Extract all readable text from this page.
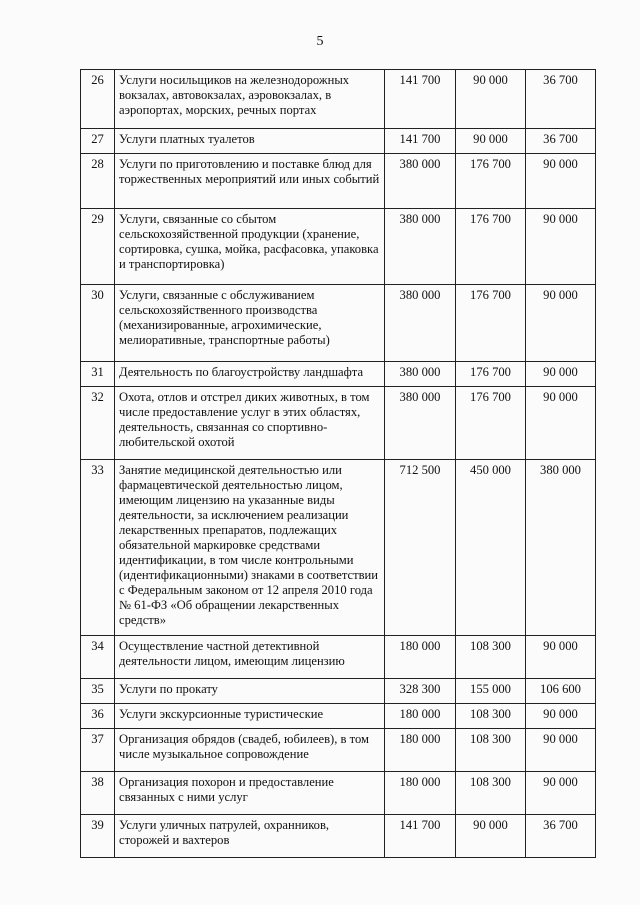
5
26	Услуги носильщиков на железнодорожных вокзалах, автовокзалах, аэровокзалах, в аэропортах, морских, речных портах	141 700	90 000	36 700
27	Услуги платных туалетов	141 700	90 000	36 700
28	Услуги по приготовлению и поставке блюд для торжественных мероприятий или иных событий	380 000	176 700	90 000
29	Услуги, связанные со сбытом сельскохозяйственной продукции (хранение, сортировка, сушка, мойка, расфасовка, упаковка и транспортировка)	380 000	176 700	90 000
30	Услуги, связанные с обслуживанием сельскохозяйственного производства (механизированные, агрохимические, мелиоративные, транспортные работы)	380 000	176 700	90 000
31	Деятельность по благоустройству ландшафта	380 000	176 700	90 000
32	Охота, отлов и отстрел диких животных, в том числе предоставление услуг в этих областях, деятельность, связанная со спортивно-любительской охотой	380 000	176 700	90 000
33	Занятие медицинской деятельностью или фармацевтической деятельностью лицом, имеющим лицензию на указанные виды деятельности, за исключением реализации лекарственных препаратов, подлежащих обязательной маркировке средствами идентификации, в том числе контрольными (идентификационными) знаками в соответствии с Федеральным законом от 12 апреля 2010 года № 61-ФЗ «Об обращении лекарственных средств»	712 500	450 000	380 000
34	Осуществление частной детективной деятельности лицом, имеющим лицензию	180 000	108 300	90 000
35	Услуги по прокату	328 300	155 000	106 600
36	Услуги экскурсионные туристические	180 000	108 300	90 000
37	Организация обрядов (свадеб, юбилеев), в том числе музыкальное сопровождение	180 000	108 300	90 000
38	Организация похорон и предоставление связанных с ними услуг	180 000	108 300	90 000
39	Услуги уличных патрулей, охранников, сторожей и вахтеров	141 700	90 000	36 700
